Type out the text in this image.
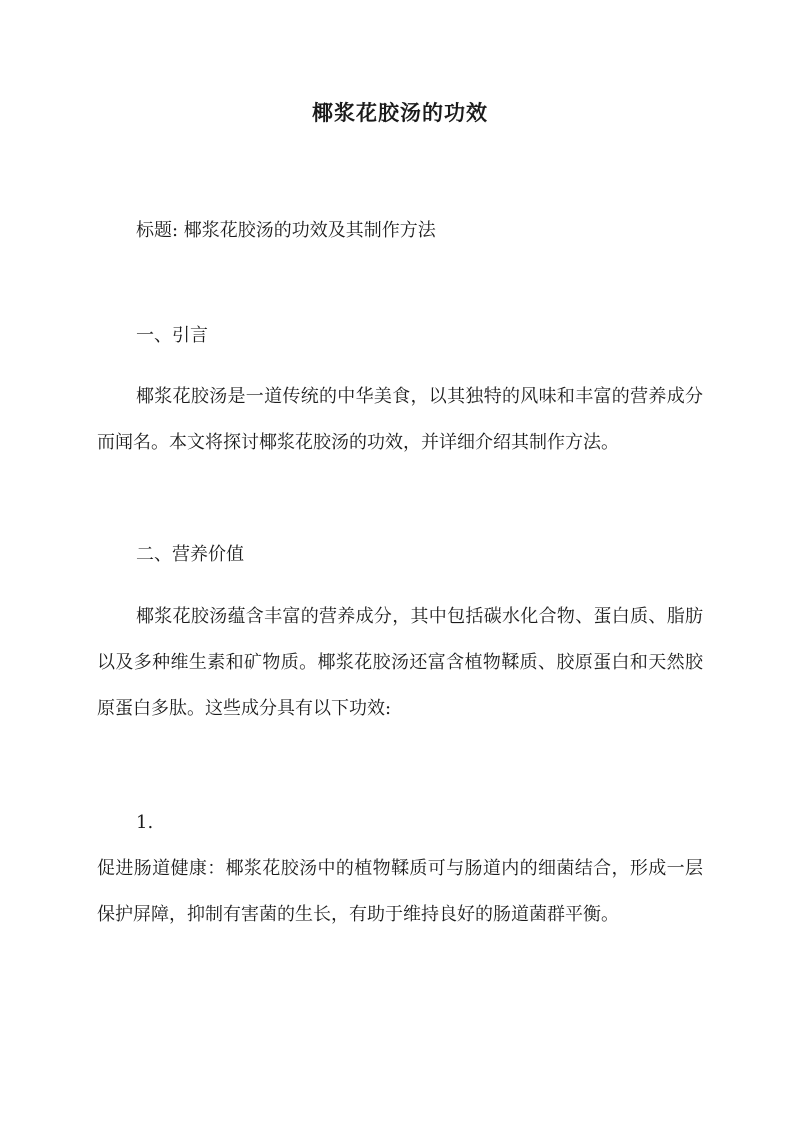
椰浆花胶汤的功效
标题: 椰浆花胶汤的功效及其制作方法
一、引言
椰浆花胶汤是一道传统的中华美食，以其独特的风味和丰富的营养成分而闻名。本文将探讨椰浆花胶汤的功效，并详细介绍其制作方法。
二、营养价值
椰浆花胶汤蕴含丰富的营养成分，其中包括碳水化合物、蛋白质、脂肪以及多种维生素和矿物质。椰浆花胶汤还富含植物鞣质、胶原蛋白和天然胶原蛋白多肽。这些成分具有以下功效:
1.
促进肠道健康：椰浆花胶汤中的植物鞣质可与肠道内的细菌结合，形成一层保护屏障，抑制有害菌的生长，有助于维持良好的肠道菌群平衡。
